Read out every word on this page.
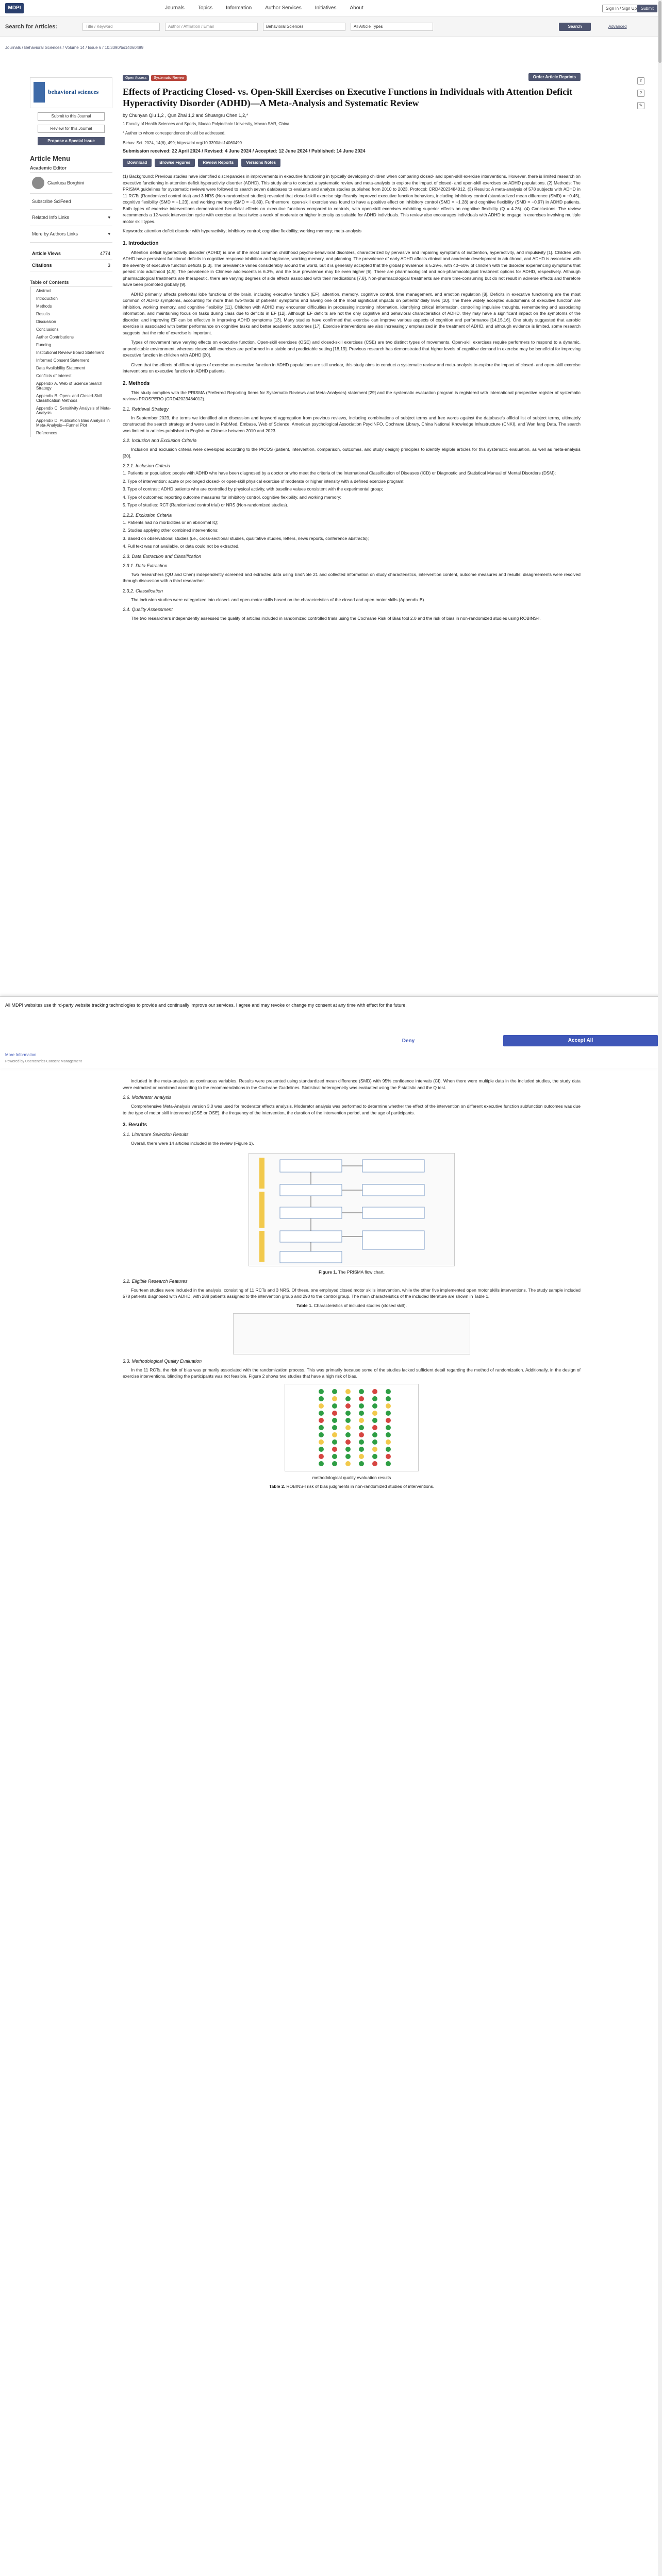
MDPI	Journals	Topics	Information	Author Services	Initiatives	About	Sign In / Sign Up Submit
Search for Articles:	Title / Keyword	Author / Affiliation / Email	Behavioral Sciences	All Article Types	Search	Advanced
Journals / Behavioral Sciences / Volume 14 / Issue 6 / 10.3390/bs14060499
behavioral sciences
Submit to this Journal
Review for this Journal
Propose a Special Issue
Article Menu
Academic Editor
Gianluca Borghini
Subscribe SciFeed
Related Info Links	▾
More by Authors Links	▾
Article Views	4774
Citations	3
Table of Contents
Abstract
Introduction
Methods
Results
Discussion
Conclusions
Author Contributions
Funding
Institutional Review Board Statement
Informed Consent Statement
Data Availability Statement
Conflicts of Interest
Appendix A. Web of Science Search Strategy
Appendix B. Open- and Closed-Skill Classification Methods
Appendix C. Sensitivity Analysis of Meta-Analysis
Appendix D. Publication Bias Analysis in Meta-Analysis—Funnel Plot
References
⇪
?
✎
Open Access	Systematic Review	Order Article Reprints
Effects of Practicing Closed- vs. Open-Skill Exercises on Executive Functions in Individuals with Attention Deficit Hyperactivity Disorder (ADHD)—A Meta-Analysis and Systematic Review
by Chunyan Qiu 1,2 , Qun Zhai 1,2 and Shuangru Chen 1,2,*
1 Faculty of Health Sciences and Sports, Macao Polytechnic University, Macao SAR, China
* Author to whom correspondence should be addressed.
Behav. Sci. 2024, 14(6), 499; https://doi.org/10.3390/bs14060499
Submission received: 22 April 2024 / Revised: 4 June 2024 / Accepted: 12 June 2024 / Published: 14 June 2024
Download	Browse Figures	Review Reports	Versions Notes
(1) Background: Previous studies have identified discrepancies in improvements in executive functioning in typically developing children when comparing closed- and open-skill exercise interventions. However, there is limited research on executive functioning in attention deficit hyperactivity disorder (ADHD). This study aims to conduct a systematic review and meta-analysis to explore the impact of closed- and open-skill exercises on ADHD populations. (2) Methods: The PRISMA guidelines for systematic reviews were followed to search seven databases to evaluate and analyze studies published from 2010 to 2023. Protocol: CRD42023484012. (3) Results: A meta-analysis of 578 subjects with ADHD in 11 RCTs (Randomized control trial) and 3 NRS (Non-randomized studies) revealed that closed-skill exercise significantly improved executive function behaviors, including inhibitory control (standardized mean difference (SMD) = −0.45), cognitive flexibility (SMD = −1.23), and working memory (SMD = −0.89). Furthermore, open-skill exercise was found to have a positive effect on inhibitory control (SMD = −1.28) and cognitive flexibility (SMD = −0.97) in ADHD patients. Both types of exercise interventions demonstrated beneficial effects on executive functions compared to controls, with open-skill exercises exhibiting superior effects on cognitive flexibility (Q = 4.26). (4) Conclusions: The review recommends a 12-week intervention cycle with exercise at least twice a week of moderate or higher intensity as suitable for ADHD individuals. This review also encourages individuals with ADHD to engage in exercises involving multiple motor skill types.
Keywords: attention deficit disorder with hyperactivity; inhibitory control; cognitive flexibility; working memory; meta-analysis
1. Introduction
Attention deficit hyperactivity disorder (ADHD) is one of the most common childhood psycho-behavioral disorders, characterized by pervasive and impairing symptoms of inattention, hyperactivity, and impulsivity [1]. Children with ADHD have persistent functional deficits in cognitive response inhibition and vigilance, working memory, and planning. The prevalence of early ADHD affects clinical and academic development in adulthood, and ADHD is associated with the severity of executive function deficits [2,3]. The prevalence varies considerably around the world, but it is generally accepted that the global prevalence is 5.29%, with 40–60% of children with the disorder experiencing symptoms that persist into adulthood [4,5]. The prevalence in Chinese adolescents is 6.3%, and the true prevalence may be even higher [6]. There are pharmacological and non-pharmacological treatment options for ADHD, respectively. Although pharmacological treatments are therapeutic, there are varying degrees of side effects associated with their medications [7,8]. Non-pharmacological treatments are more time-consuming but do not result in adverse effects and therefore have been promoted globally [9].
ADHD primarily affects prefrontal lobe functions of the brain, including executive function (EF), attention, memory, cognitive control, time management, and emotion regulation [8]. Deficits in executive functioning are the most common of ADHD symptoms, accounting for more than two-thirds of patients' symptoms and having one of the most significant impacts on patients' daily lives [10]. The three widely accepted subdomains of executive function are inhibition, working memory, and cognitive flexibility [11]. Children with ADHD may encounter difficulties in processing incoming information, identifying critical information, controlling impulsive thoughts, remembering and associating information, and maintaining focus on tasks during class due to deficits in EF [12]. Although EF deficits are not the only cognitive and behavioral characteristics of ADHD, they may have a significant impact on the symptoms of the disorder, and improving EF can be effective in improving ADHD symptoms [13]. Many studies have confirmed that exercise can improve various aspects of cognition and performance [14,15,16]. One study suggested that aerobic exercise is associated with better performance on cognitive tasks and better academic outcomes [17]. Exercise interventions are also increasingly emphasized in the treatment of ADHD, and although evidence is limited, some research suggests that the role of exercise is important.
Types of movement have varying effects on executive function. Open-skill exercises (OSE) and closed-skill exercises (CSE) are two distinct types of movements. Open-skill exercises require performers to respond to a dynamic, unpredictable environment, whereas closed-skill exercises are performed in a stable and predictable setting [18,19]. Previous research has demonstrated that higher levels of cognitive demand in exercise may be beneficial for improving executive function in children with ADHD [20].
Given that the effects of different types of exercise on executive function in ADHD populations are still unclear, this study aims to conduct a systematic review and meta-analysis to explore the impact of closed- and open-skill exercise interventions on executive function in ADHD patients.
2. Methods
This study complies with the PRISMA (Preferred Reporting Items for Systematic Reviews and Meta-Analyses) statement [29] and the systematic evaluation program is registered with international prospective register of systematic reviews PROSPERO (CRD42023484012).
2.1. Retrieval Strategy
In September 2023, the terms we identified after discussion and keyword aggregation from previous reviews, including combinations of subject terms and free words against the database's official list of subject terms, ultimately constructed the search strategy and were used in PubMed, Embase, Web of Science, American psychological Association PsycINFO, Cochrane Library, China National Knowledge Infrastructure (CNKI), and Wan fang Data. The search was limited to articles published in English or Chinese between 2010 and 2023.
2.2. Inclusion and Exclusion Criteria
Inclusion and exclusion criteria were developed according to the PICOS (patient, intervention, comparison, outcomes, and study design) principles to identify eligible articles for this systematic evaluation, as well as meta-analysis [30].
2.2.1. Inclusion Criteria
1. Patients or population: people with ADHD who have been diagnosed by a doctor or who meet the criteria of the International Classification of Diseases (ICD) or Diagnostic and Statistical Manual of Mental Disorders (DSM);
2. Type of intervention: acute or prolonged closed- or open-skill physical exercise of moderate or higher intensity with a defined exercise program;
3. Type of contrast: ADHD patients who are controlled by physical activity, with baseline values consistent with the experimental group;
4. Type of outcomes: reporting outcome measures for inhibitory control, cognitive flexibility, and working memory;
5. Type of studies: RCT (Randomized control trial) or NRS (Non-randomized studies).
2.2.2. Exclusion Criteria
1. Patients had no morbidities or an abnormal IQ;
2. Studies applying other combined interventions;
3. Based on observational studies (i.e., cross-sectional studies, qualitative studies, letters, news reports, conference abstracts);
4. Full text was not available, or data could not be extracted.
2.3. Data Extraction and Classification
2.3.1. Data Extraction
Two researchers (QU and Chen) independently screened and extracted data using EndNote 21 and collected information on study characteristics, intervention content, outcome measures and results; disagreements were resolved through discussion with a third researcher.
2.3.2. Classification
The inclusion studies were categorized into closed- and open-motor skills based on the characteristics of the closed and open motor skills (Appendix B).
2.4. Quality Assessment
The two researchers independently assessed the quality of articles included in randomized controlled trials using the Cochrane Risk of Bias tool 2.0 and the risk of bias in non-randomized studies using ROBINS-I.
All MDPI websites use third-party website tracking technologies to provide and continually improve our services. I agree and may revoke or change my consent at any time with effect for the future.
Deny	Accept All
More Information
Powered by Usercentrics Consent Management
included in the meta-analysis as continuous variables. Results were presented using standardized mean difference (SMD) with 95% confidence intervals (CI). When there were multiple data in the included studies, the study data were extracted or combined according to the recommendations in the Cochrane Guidelines. Statistical heterogeneity was evaluated using the I² statistic and the Q test.
2.6. Moderator Analysis
Comprehensive Meta-Analysis version 3.0 was used for moderator effects analysis. Moderator analysis was performed to determine whether the effect of the intervention on different executive function subfunction outcomes was due to the type of motor skill intervened (CSE or OSE), the frequency of the intervention, the duration of the intervention period, and the age of participants.
3. Results
3.1. Literature Selection Results
Overall, there were 14 articles included in the review (Figure 1).
Figure 1. The PRISMA flow chart.
3.2. Eligible Research Features
Fourteen studies were included in the analysis, consisting of 11 RCTs and 3 NRS. Of these, one employed closed motor skills intervention, while the other five implemented open motor skills interventions. The study sample included 578 patients diagnosed with ADHD, with 288 patients assigned to the intervention group and 290 to the control group. The main characteristics of the included literature are shown in Table 1.
Table 1. Characteristics of included studies (closed skill).
3.3. Methodological Quality Evaluation
In the 11 RCTs, the risk of bias was primarily associated with the randomization process. This was primarily because some of the studies lacked sufficient detail regarding the method of randomization. Additionally, in the design of exercise interventions, blinding the participants was not feasible. Figure 2 shows two studies that have a high risk of bias.
methodological quality evaluation results
Table 2. ROBINS-I risk of bias judgments in non-randomized studies of interventions.
